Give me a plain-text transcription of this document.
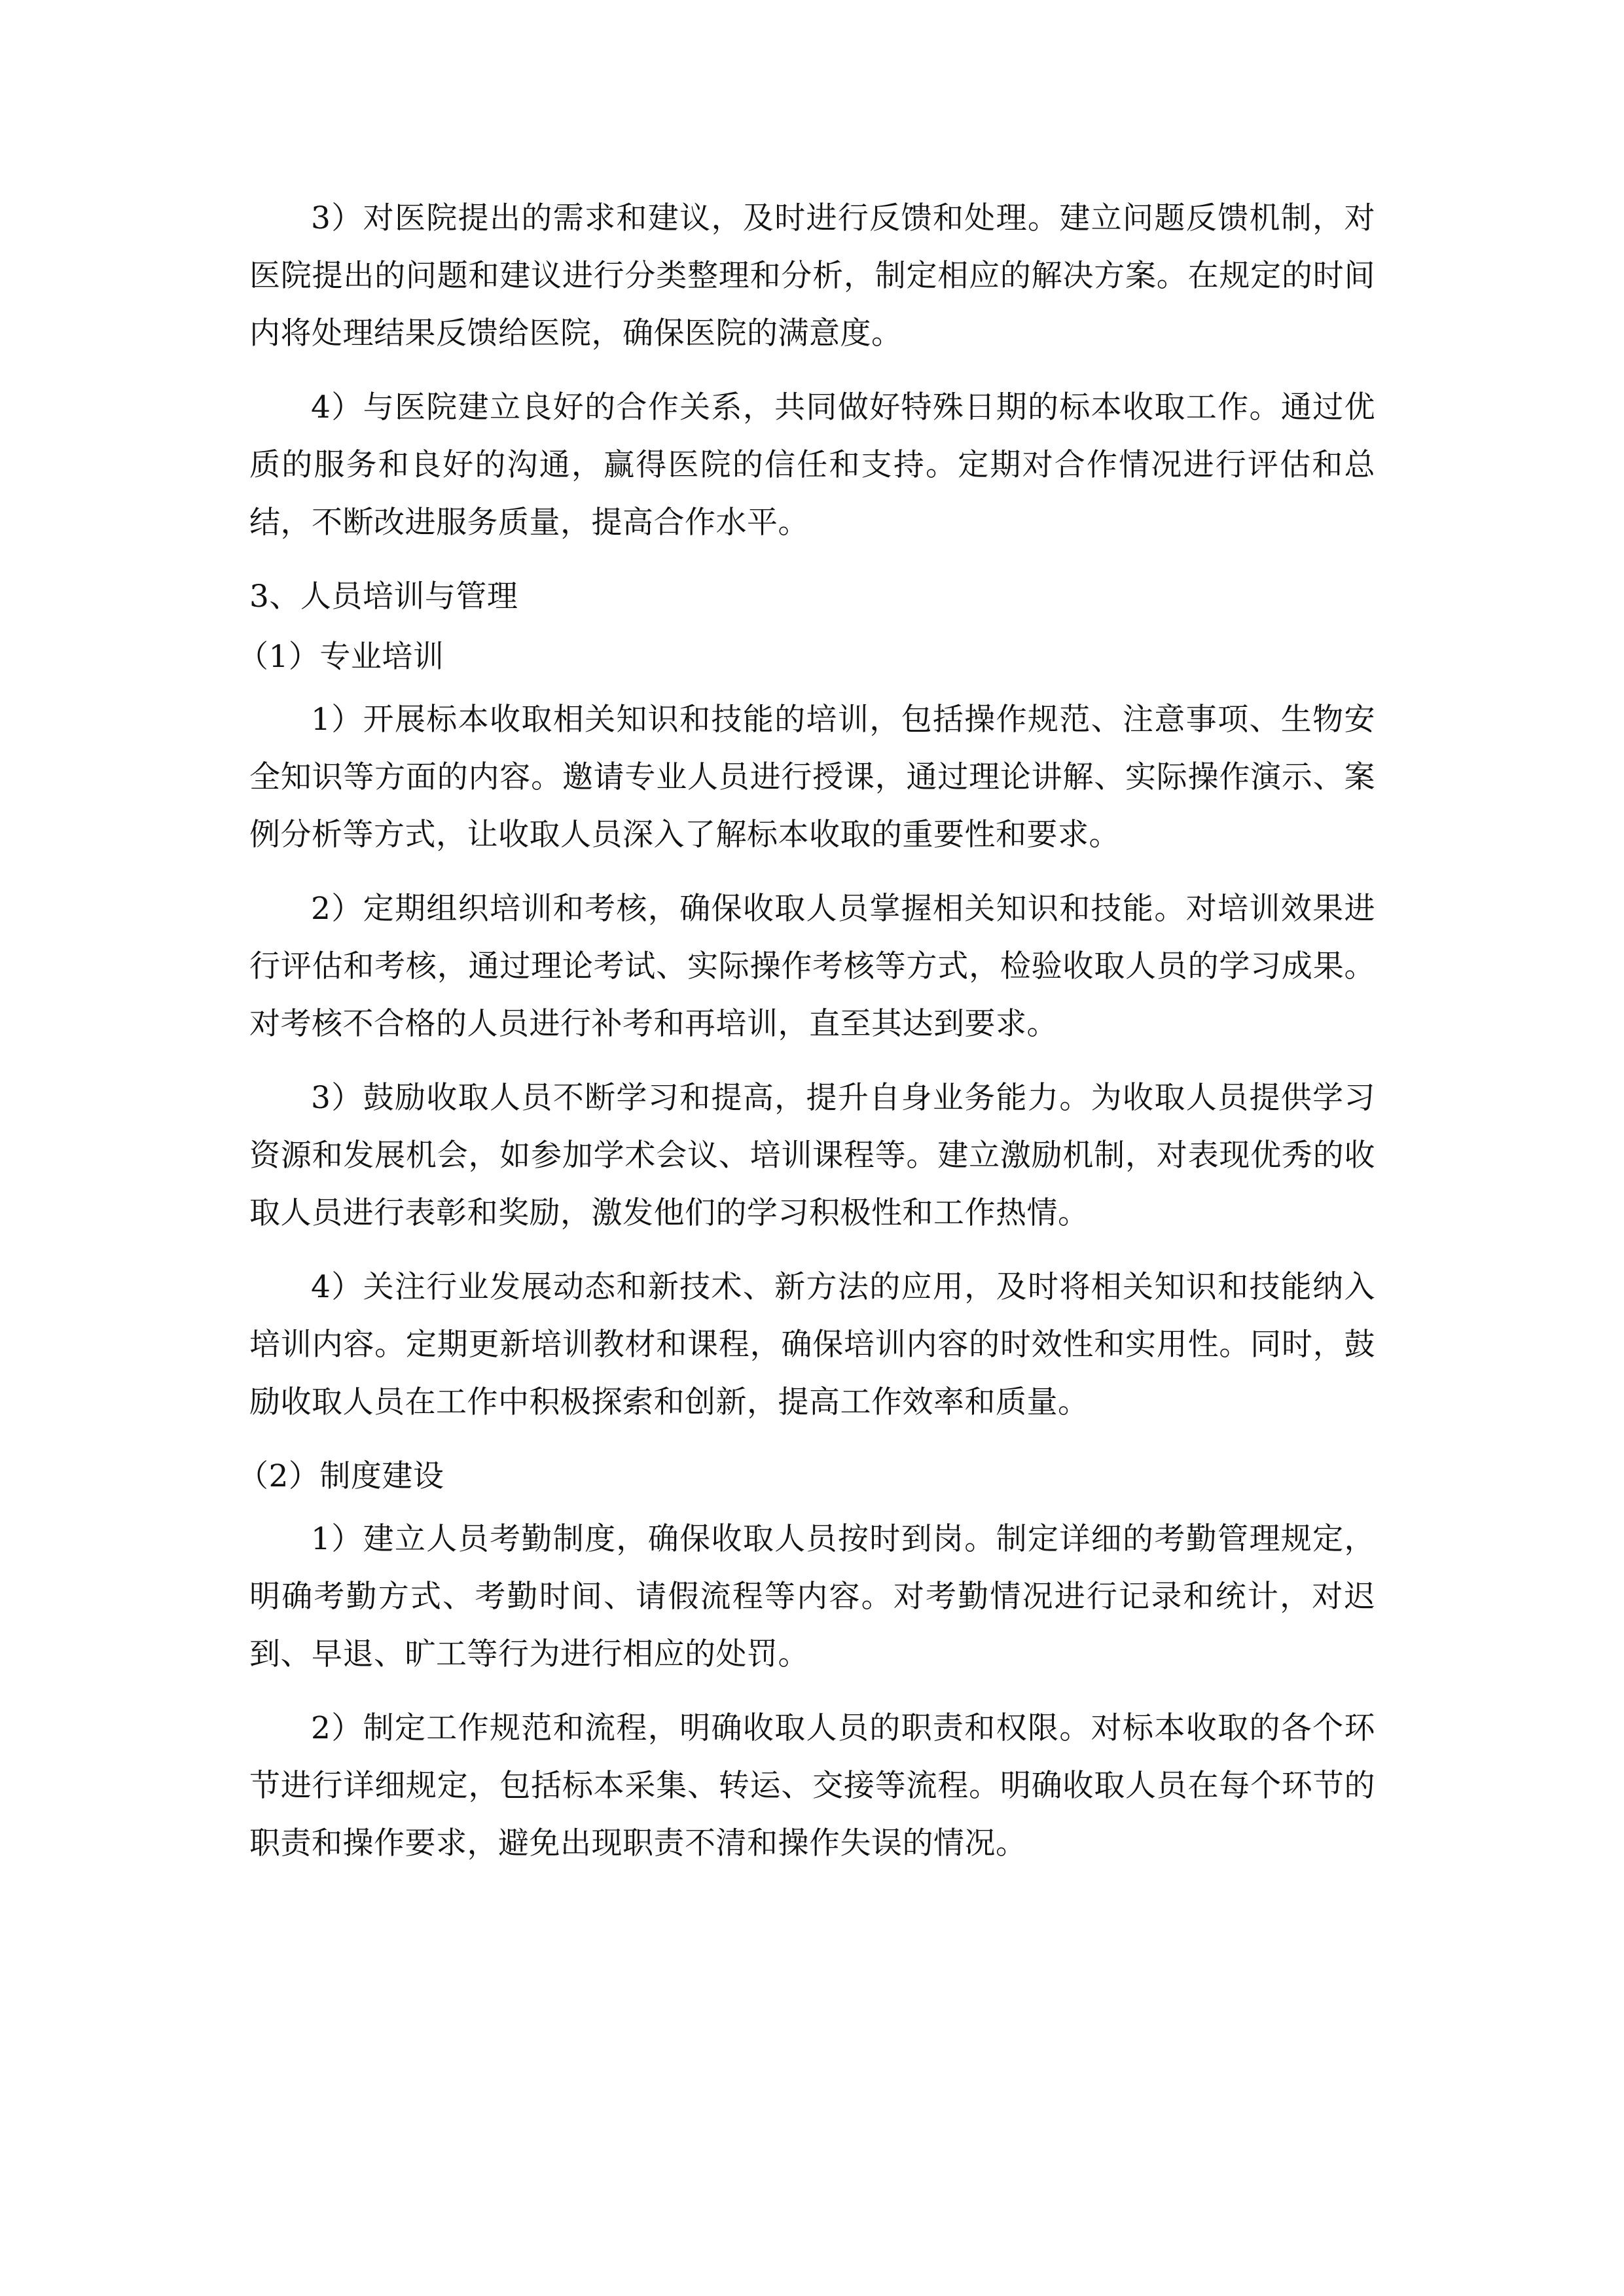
3）对医院提出的需求和建议，及时进行反馈和处理。建立问题反馈机制，对医院提出的问题和建议进行分类整理和分析，制定相应的解决方案。在规定的时间内将处理结果反馈给医院，确保医院的满意度。

4）与医院建立良好的合作关系，共同做好特殊日期的标本收取工作。通过优质的服务和良好的沟通，赢得医院的信任和支持。定期对合作情况进行评估和总结，不断改进服务质量，提高合作水平。

3、人员培训与管理
（1）专业培训

1）开展标本收取相关知识和技能的培训，包括操作规范、注意事项、生物安全知识等方面的内容。邀请专业人员进行授课，通过理论讲解、实际操作演示、案例分析等方式，让收取人员深入了解标本收取的重要性和要求。

2）定期组织培训和考核，确保收取人员掌握相关知识和技能。对培训效果进行评估和考核，通过理论考试、实际操作考核等方式，检验收取人员的学习成果。对考核不合格的人员进行补考和再培训，直至其达到要求。

3）鼓励收取人员不断学习和提高，提升自身业务能力。为收取人员提供学习资源和发展机会，如参加学术会议、培训课程等。建立激励机制，对表现优秀的收取人员进行表彰和奖励，激发他们的学习积极性和工作热情。

4）关注行业发展动态和新技术、新方法的应用，及时将相关知识和技能纳入培训内容。定期更新培训教材和课程，确保培训内容的时效性和实用性。同时，鼓励收取人员在工作中积极探索和创新，提高工作效率和质量。

（2）制度建设

1）建立人员考勤制度，确保收取人员按时到岗。制定详细的考勤管理规定，明确考勤方式、考勤时间、请假流程等内容。对考勤情况进行记录和统计，对迟到、早退、旷工等行为进行相应的处罚。

2）制定工作规范和流程，明确收取人员的职责和权限。对标本收取的各个环节进行详细规定，包括标本采集、转运、交接等流程。明确收取人员在每个环节的职责和操作要求，避免出现职责不清和操作失误的情况。
